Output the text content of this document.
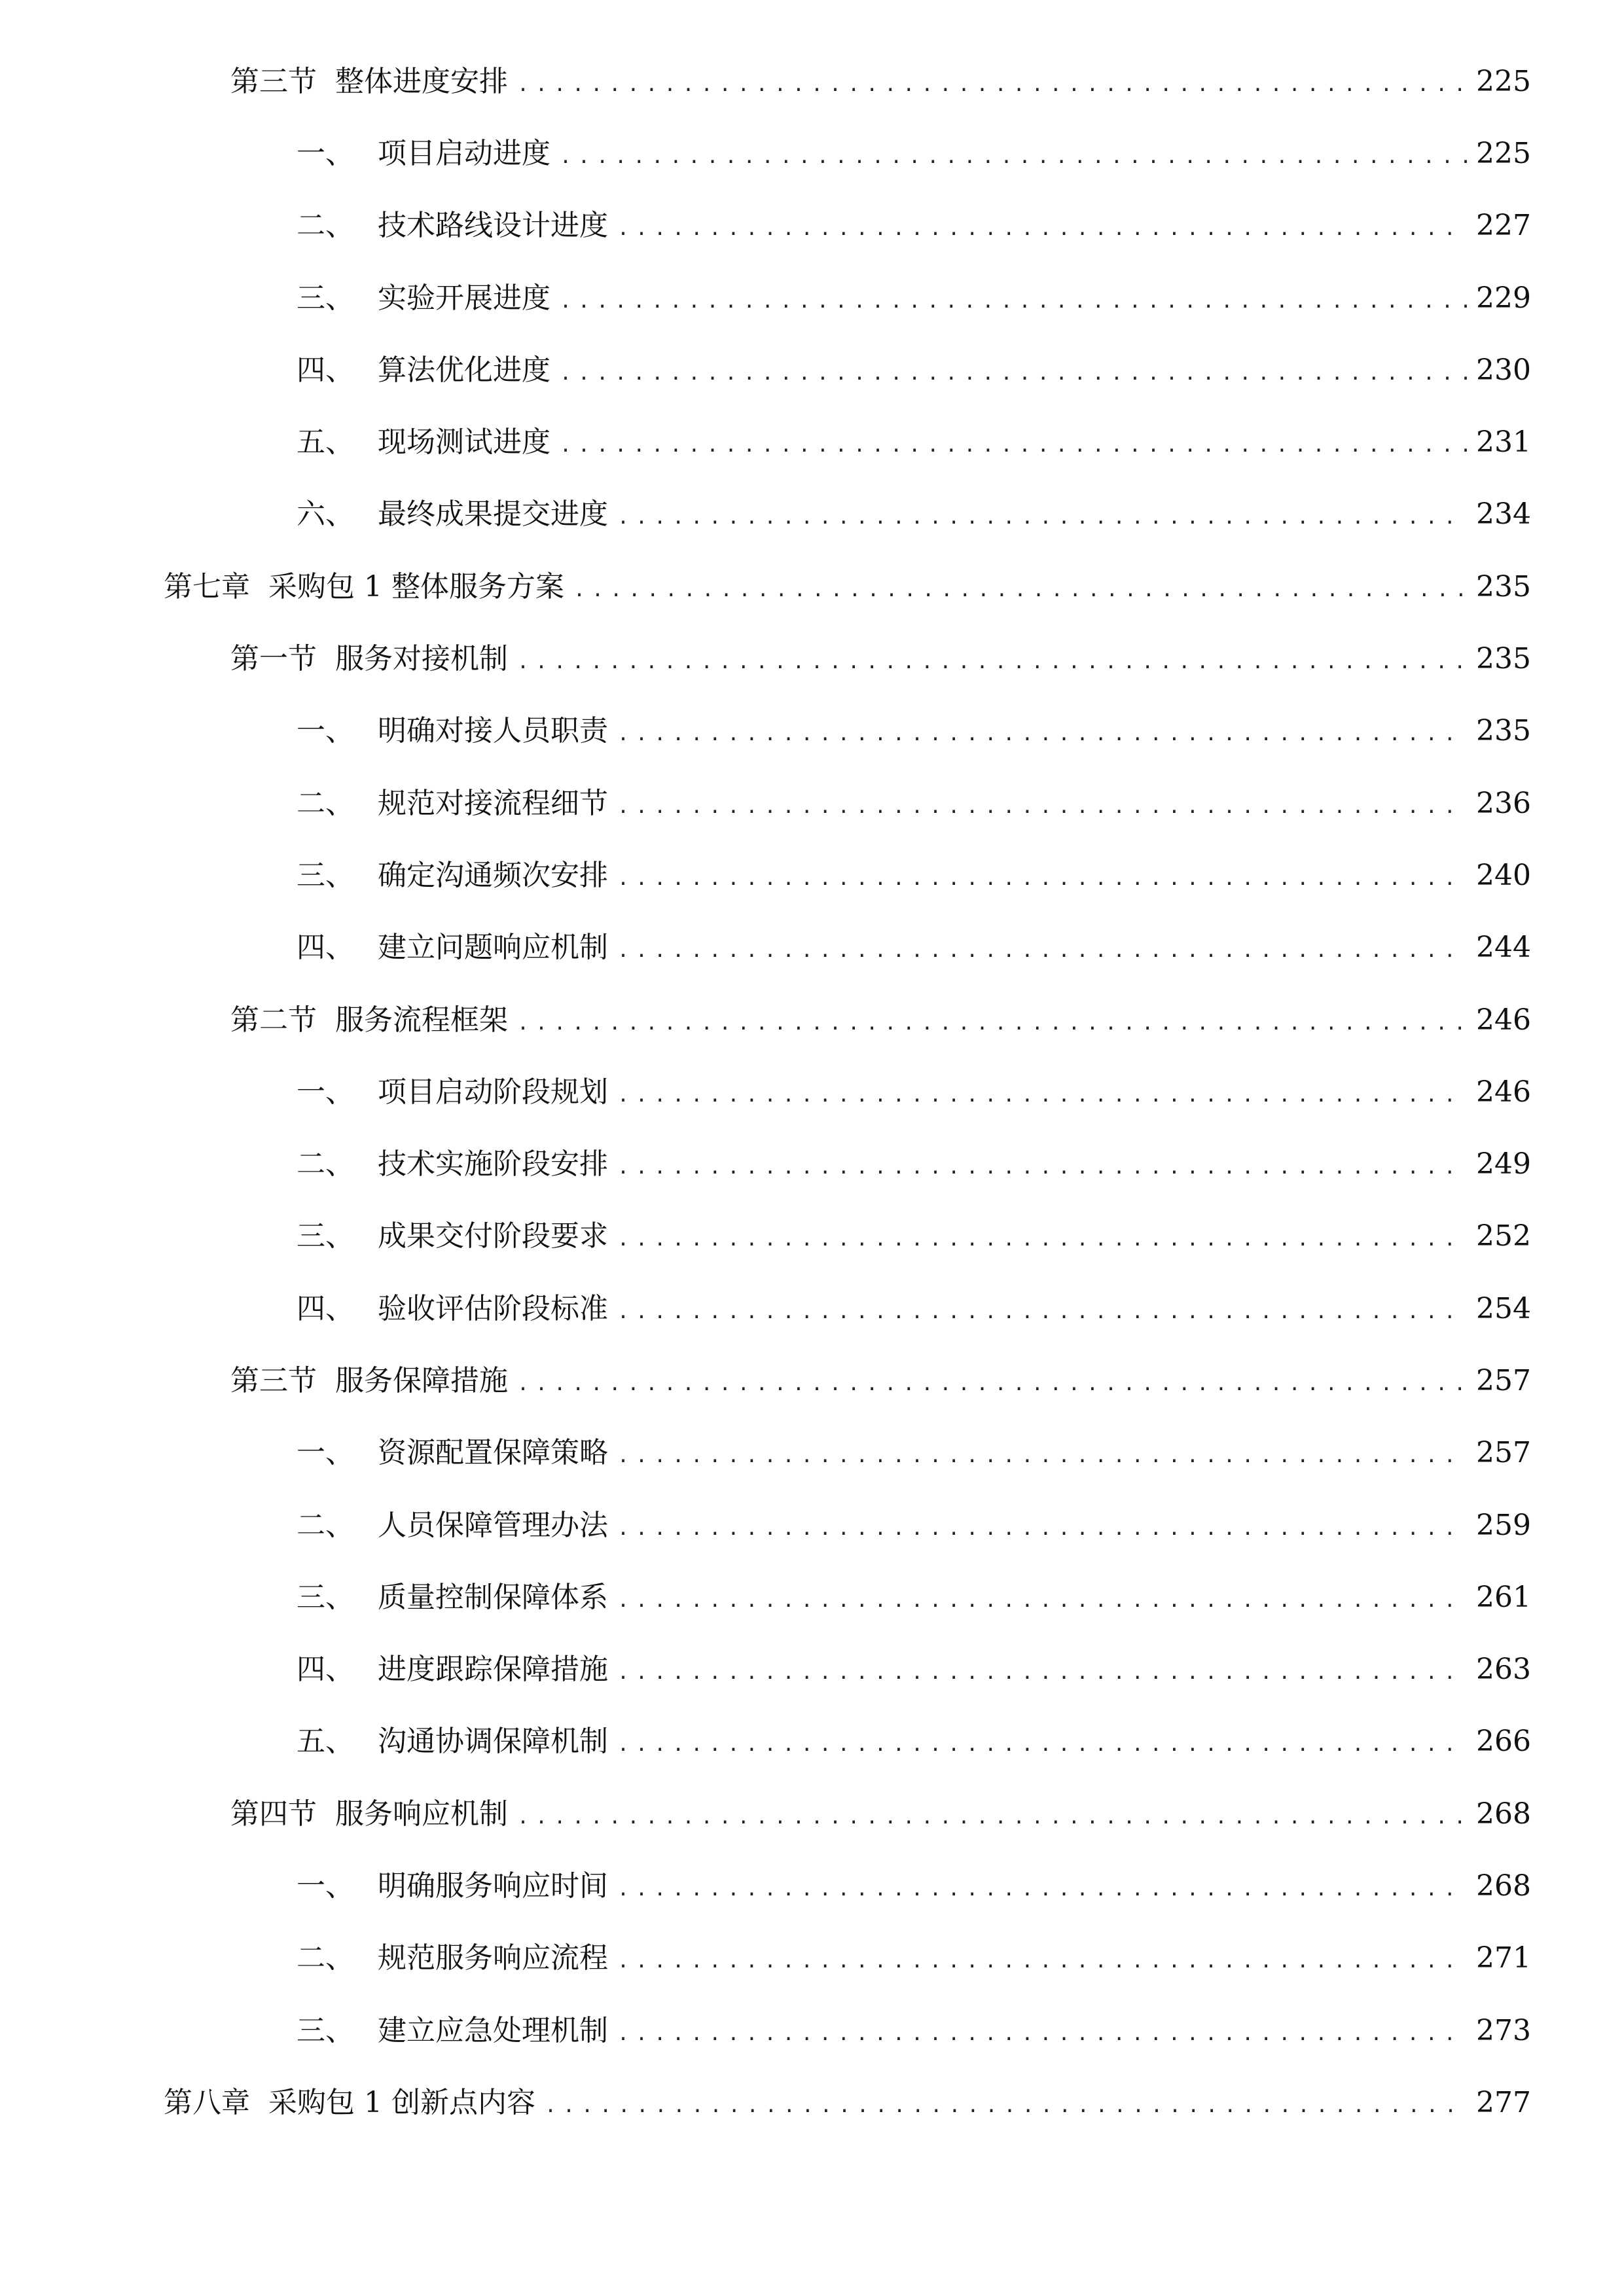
第三节 整体进度安排 .....	225
一、 项目启动进度 .....	225
二、 技术路线设计进度 .....	227
三、 实验开展进度 .....	229
四、 算法优化进度 .....	230
五、 现场测试进度 .....	231
六、 最终成果提交进度 .....	234
第七章 采购包 1 整体服务方案 .....	235
第一节 服务对接机制 .....	235
一、 明确对接人员职责 .....	235
二、 规范对接流程细节 .....	236
三、 确定沟通频次安排 .....	240
四、 建立问题响应机制 .....	244
第二节 服务流程框架 .....	246
一、 项目启动阶段规划 .....	246
二、 技术实施阶段安排 .....	249
三、 成果交付阶段要求 .....	252
四、 验收评估阶段标准 .....	254
第三节 服务保障措施 .....	257
一、 资源配置保障策略 .....	257
二、 人员保障管理办法 .....	259
三、 质量控制保障体系 .....	261
四、 进度跟踪保障措施 .....	263
五、 沟通协调保障机制 .....	266
第四节 服务响应机制 .....	268
一、 明确服务响应时间 .....	268
二、 规范服务响应流程 .....	271
三、 建立应急处理机制 .....	273
第八章 采购包 1 创新点内容 .....	277
